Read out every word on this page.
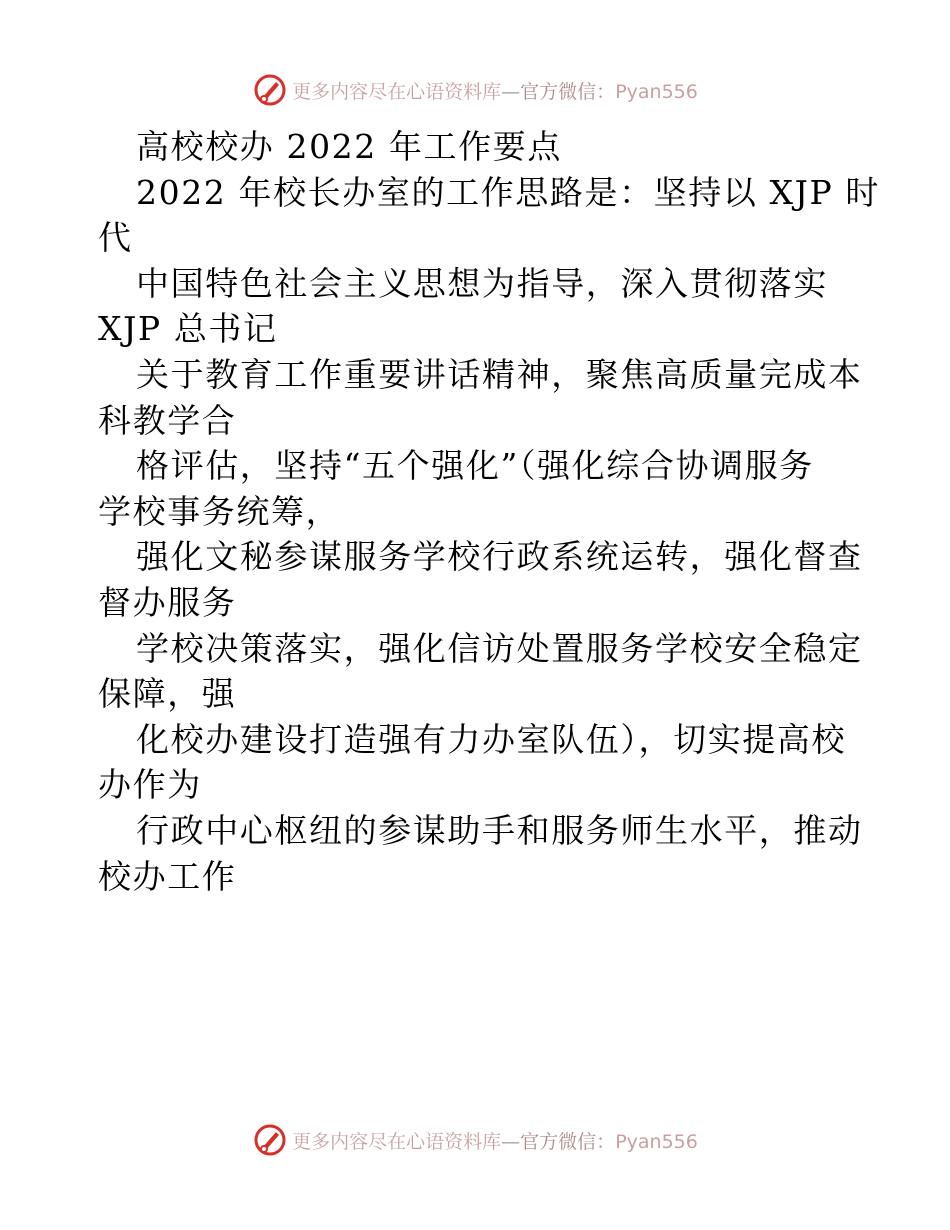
更多内容尽在心语资料库—官方微信：Pyan556
高校校办 2022 年工作要点
2022 年校长办室的工作思路是：坚持以 XJP 时
代
中国特色社会主义思想为指导，深入贯彻落实
XJP 总书记
关于教育工作重要讲话精神，聚焦高质量完成本
科教学合
格评估，坚持“五个强化”（强化综合协调服务
学校事务统筹，
强化文秘参谋服务学校行政系统运转，强化督查
督办服务
学校决策落实，强化信访处置服务学校安全稳定
保障，强
化校办建设打造强有力办室队伍），切实提高校
办作为
行政中心枢纽的参谋助手和服务师生水平，推动
校办工作
更多内容尽在心语资料库—官方微信：Pyan556
